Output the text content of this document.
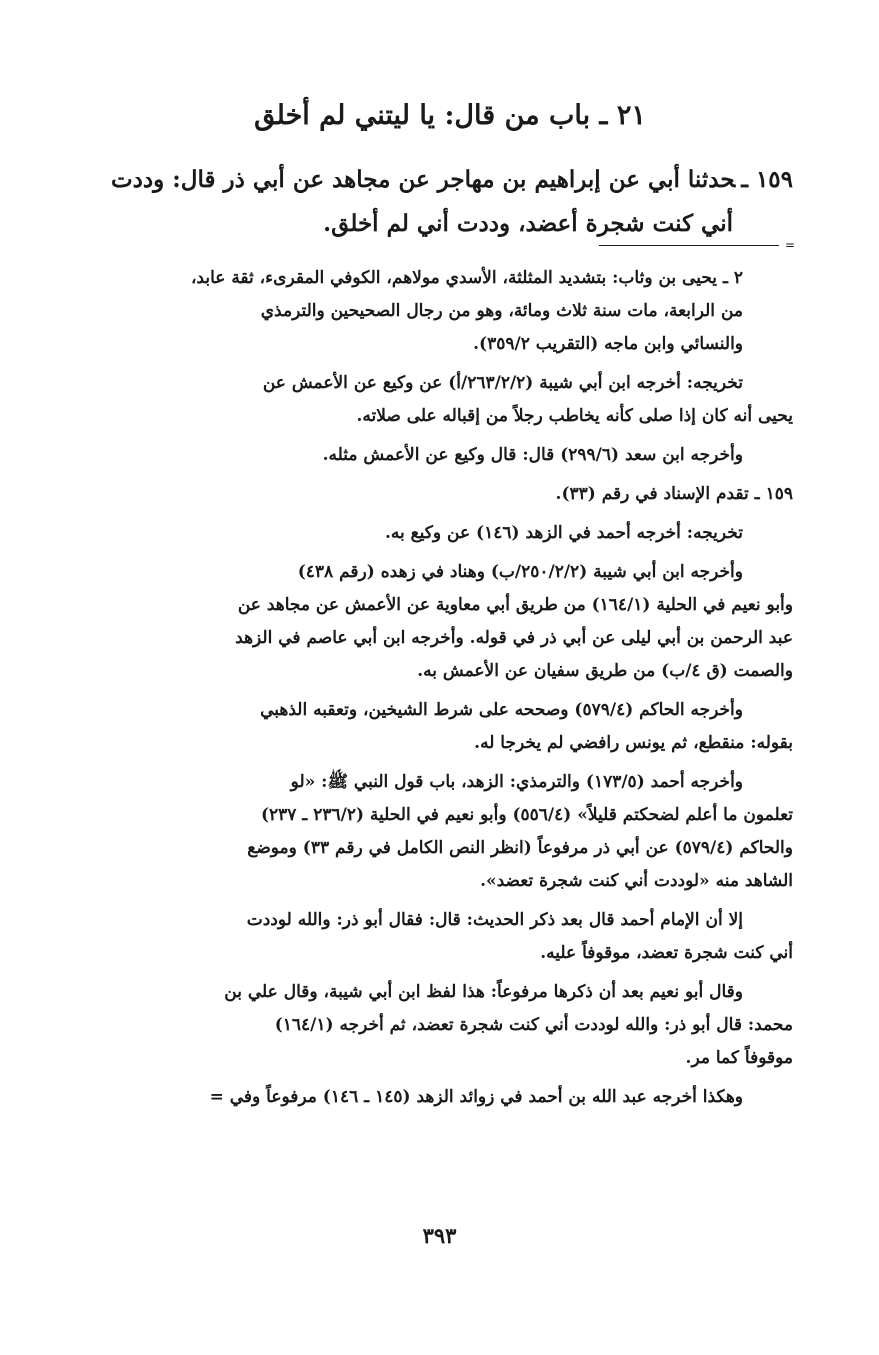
٢١ ـ باب من قال: يا ليتني لم أخلق
١٥٩ ـحدثنا أبي عن إبراهيم بن مهاجر عن مجاهد عن أبي ذر قال: وددت
أني كنت شجرة أعضد، وددت أني لم أخلق.
=

٢ ـ يحيى بن وثاب: بتشديد المثلثة، الأسدي مولاهم، الكوفي المقرىء، ثقة عابد،
من الرابعة، مات سنة ثلاث ومائة، وهو من رجال الصحيحين والترمذي
والنسائي وابن ماجه (التقريب ٣٥٩/٢).

تخريجه: أخرجه ابن أبي شيبة (٢٦٣/٢/٢/أ) عن وكيع عن الأعمش عن
يحيى أنه كان إذا صلى كأنه يخاطب رجلاً من إقباله على صلاته.

وأخرجه ابن سعد (٢٩٩/٦) قال: قال وكيع عن الأعمش مثله.

١٥٩ ـ تقدم الإسناد في رقم (٣٣).

تخريجه: أخرجه أحمد في الزهد (١٤٦) عن وكيع به.

وأخرجه ابن أبي شيبة (٢٥٠/٢/٢/ب) وهناد في زهده (رقم ٤٣٨)
وأبو نعيم في الحلية (١٦٤/١) من طريق أبي معاوية عن الأعمش عن مجاهد عن
عبد الرحمن بن أبي ليلى عن أبي ذر في قوله. وأخرجه ابن أبي عاصم في الزهد
والصمت (ق ٤/ب) من طريق سفيان عن الأعمش به.

وأخرجه الحاكم (٥٧٩/٤) وصححه على شرط الشيخين، وتعقبه الذهبي
بقوله: منقطع، ثم يونس رافضي لم يخرجا له.

وأخرجه أحمد (١٧٣/٥) والترمذي: الزهد، باب قول النبي ﷺ: «لو
تعلمون ما أعلم لضحكتم قليلاً» (٥٥٦/٤) وأبو نعيم في الحلية (٢٣٦/٢ ـ ٢٣٧)
والحاكم (٥٧٩/٤) عن أبي ذر مرفوعاً (انظر النص الكامل في رقم ٣٣) وموضع
الشاهد منه «لوددت أني كنت شجرة تعضد».

إلا أن الإمام أحمد قال بعد ذكر الحديث: قال: فقال أبو ذر: والله لوددت
أني كنت شجرة تعضد، موقوفاً عليه.

وقال أبو نعيم بعد أن ذكرها مرفوعاً: هذا لفظ ابن أبي شيبة، وقال علي بن
محمد: قال أبو ذر: والله لوددت أني كنت شجرة تعضد، ثم أخرجه (١٦٤/١)
موقوفاً كما مر.

وهكذا أخرجه عبد الله بن أحمد في زوائد الزهد (١٤٥ ـ ١٤٦) مرفوعاً وفي =

٣٩٣
